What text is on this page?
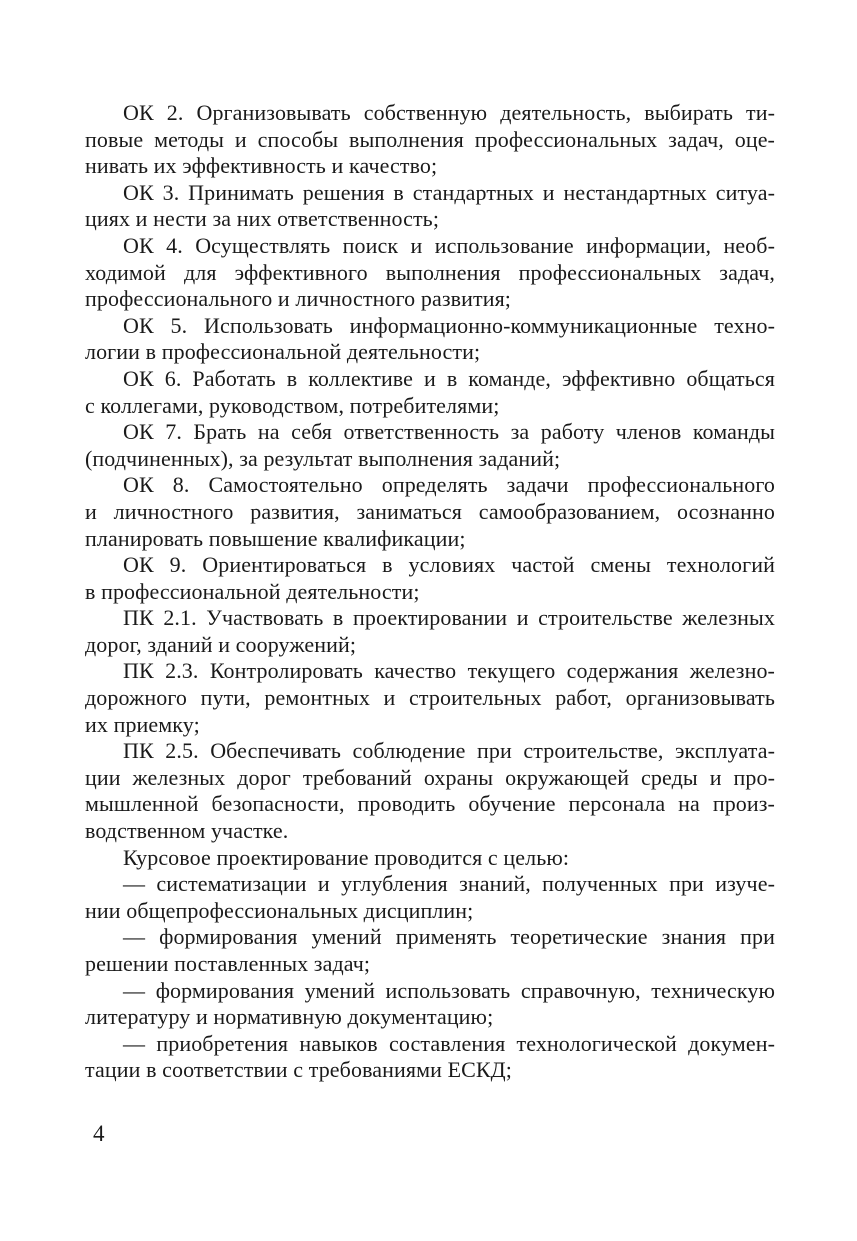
ОК 2. Организовывать собственную деятельность, выбирать ти-
повые методы и способы выполнения профессиональных задач, оце-
нивать их эффективность и качество;
ОК 3. Принимать решения в стандартных и нестандартных ситуа-
циях и нести за них ответственность;
ОК 4. Осуществлять поиск и использование информации, необ-
ходимой для эффективного выполнения профессиональных задач,
профессионального и личностного развития;
ОК 5. Использовать информационно-коммуникационные техно-
логии в профессиональной деятельности;
ОК 6. Работать в коллективе и в команде, эффективно общаться
с коллегами, руководством, потребителями;
ОК 7. Брать на себя ответственность за работу членов команды
(подчиненных), за результат выполнения заданий;
ОК 8. Самостоятельно определять задачи профессионального
и личностного развития, заниматься самообразованием, осознанно
планировать повышение квалификации;
ОК 9. Ориентироваться в условиях частой смены технологий
в профессиональной деятельности;
ПК 2.1. Участвовать в проектировании и строительстве железных
дорог, зданий и сооружений;
ПК 2.3. Контролировать качество текущего содержания железно-
дорожного пути, ремонтных и строительных работ, организовывать
их приемку;
ПК 2.5. Обеспечивать соблюдение при строительстве, эксплуата-
ции железных дорог требований охраны окружающей среды и про-
мышленной безопасности, проводить обучение персонала на произ-
водственном участке.
Курсовое проектирование проводится с целью:
— систематизации и углубления знаний, полученных при изуче-
нии общепрофессиональных дисциплин;
— формирования умений применять теоретические знания при
решении поставленных задач;
— формирования умений использовать справочную, техническую
литературу и нормативную документацию;
— приобретения навыков составления технологической докумен-
тации в соответствии с требованиями ЕСКД;
4
